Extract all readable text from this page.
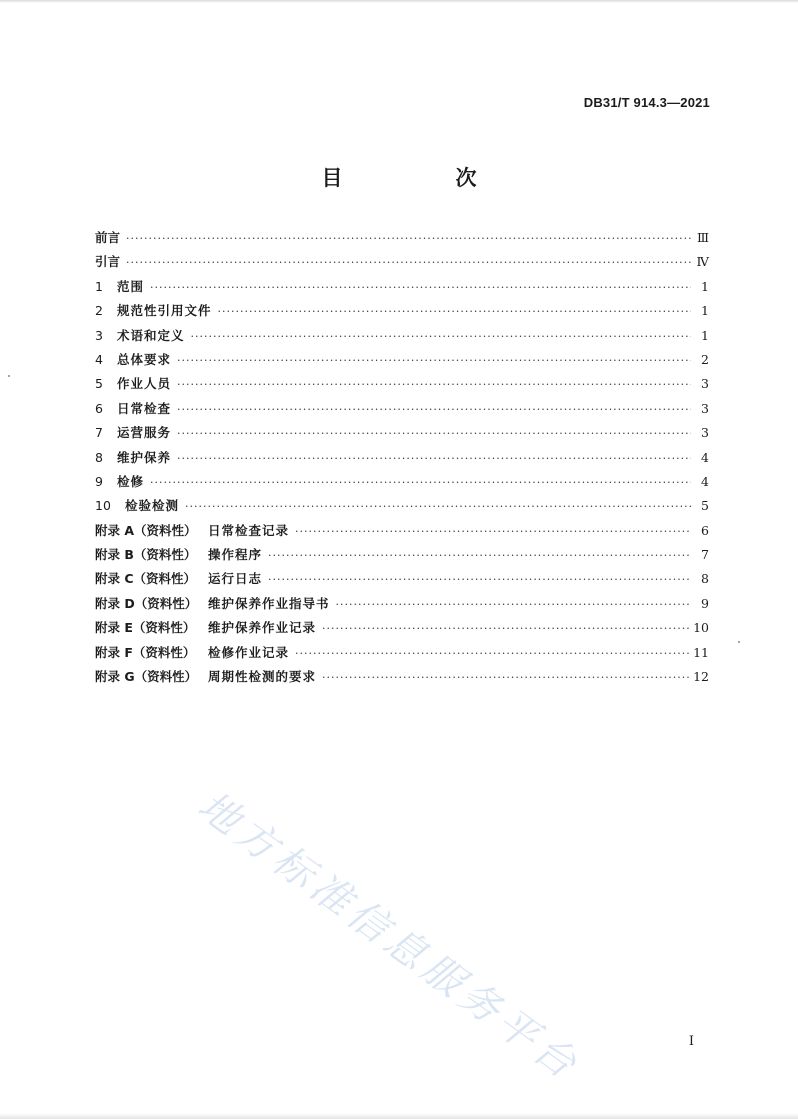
DB31/T 914.3—2021
目　次
前言 ·····	Ⅲ
引言 ·····	Ⅳ
1	范围 ·····	1
2	规范性引用文件 ·····	1
3	术语和定义 ·····	1
4	总体要求 ·····	2
5	作业人员 ·····	3
6	日常检查 ·····	3
7	运营服务 ·····	3
8	维护保养 ·····	4
9	检修 ·····	4
10	检验检测 ·····	5
附录 A（资料性） 日常检查记录 ·····	6
附录 B（资料性） 操作程序 ·····	7
附录 C（资料性） 运行日志 ·····	8
附录 D（资料性） 维护保养作业指导书 ·····	9
附录 E（资料性）	维护保养作业记录 ·····	10
附录 F（资料性）	检修作业记录 ·····	11
附录 G（资料性） 周期性检测的要求 ·····	12
地方标准信息服务平台	I
